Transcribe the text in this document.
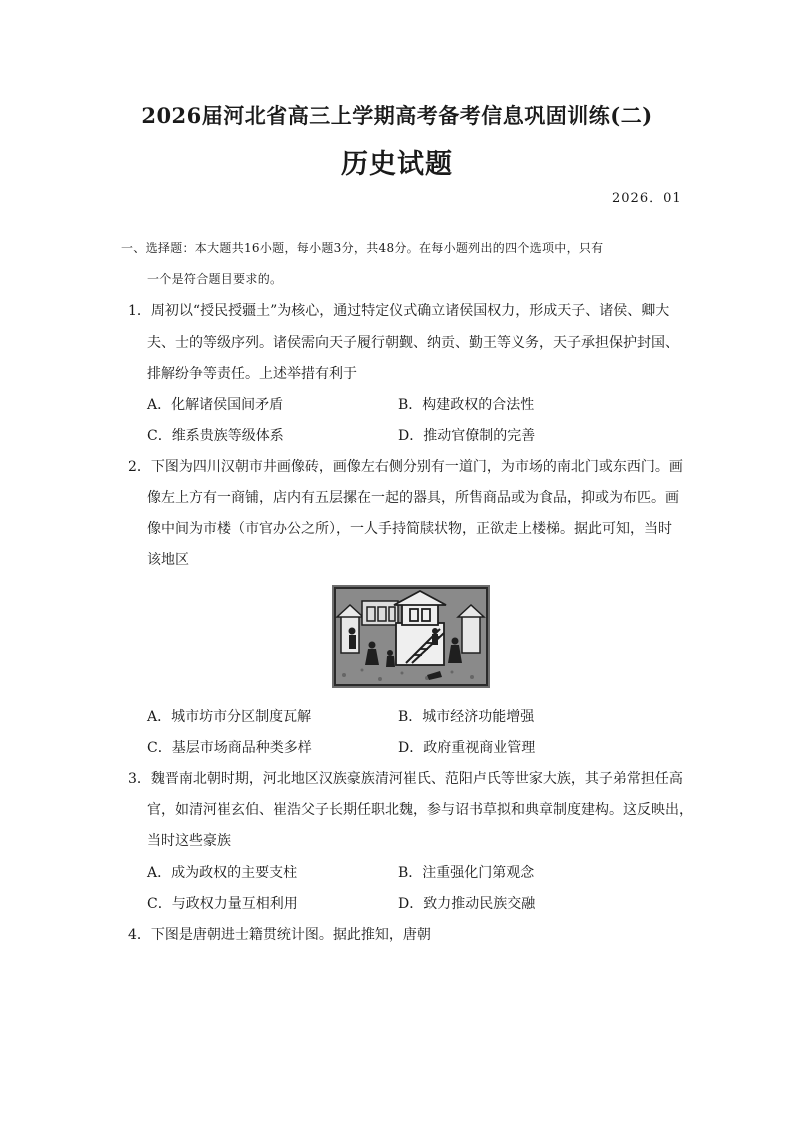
2026届河北省高三上学期高考备考信息巩固训练(二)
历史试题
2026．01
一、选择题：本大题共16小题，每小题3分，共48分。在每小题列出的四个选项中，只有
一个是符合题目要求的。
1．周初以“授民授疆土”为核心，通过特定仪式确立诸侯国权力，形成天子、诸侯、卿大
夫、士的等级序列。诸侯需向天子履行朝觐、纳贡、勤王等义务，天子承担保护封国、
排解纷争等责任。上述举措有利于
A．化解诸侯国间矛盾	B．构建政权的合法性
C．维系贵族等级体系	D．推动官僚制的完善
2．下图为四川汉朝市井画像砖，画像左右侧分别有一道门，为市场的南北门或东西门。画
像左上方有一商铺，店内有五层摞在一起的器具，所售商品或为食品，抑或为布匹。画
像中间为市楼（市官办公之所），一人手持简牍状物，正欲走上楼梯。据此可知，当时
该地区
A．城市坊市分区制度瓦解	B．城市经济功能增强
C．基层市场商品种类多样	D．政府重视商业管理
3．魏晋南北朝时期，河北地区汉族豪族清河崔氏、范阳卢氏等世家大族，其子弟常担任高
官，如清河崔玄伯、崔浩父子长期任职北魏，参与诏书草拟和典章制度建构。这反映出，
当时这些豪族
A．成为政权的主要支柱	B．注重强化门第观念
C．与政权力量互相利用	D．致力推动民族交融
4．下图是唐朝进士籍贯统计图。据此推知，唐朝
